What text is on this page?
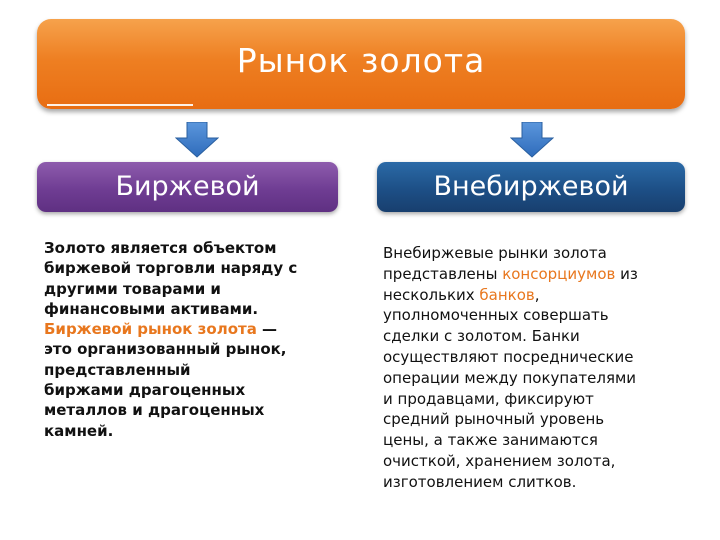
Рынок золота
Биржевой	Внебиржевой
Золото является объектом
биржевой торговли наряду с
другими товарами и
финансовыми активами.
Биржевой рынок золота —
это организованный рынок,
представленный
биржами драгоценных
металлов и драгоценных
камней.
Внебиржевые рынки золота
представлены консорциумов из
нескольких банков,
уполномоченных совершать
сделки с золотом. Банки
осуществляют посреднические
операции между покупателями
и продавцами, фиксируют
средний рыночный уровень
цены, а также занимаются
очисткой, хранением золота,
изготовлением слитков.
